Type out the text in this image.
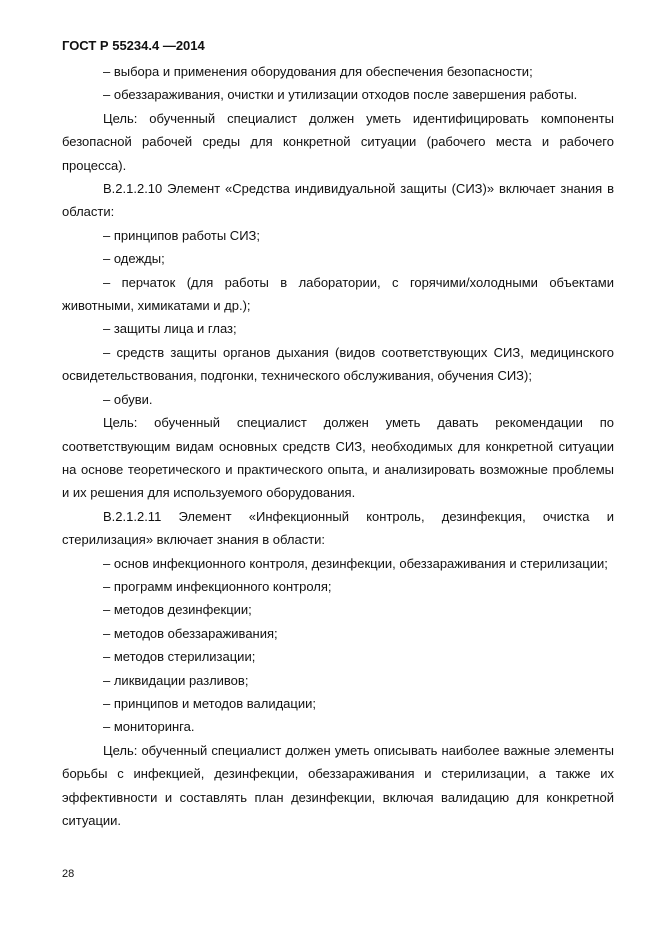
ГОСТ Р 55234.4 —2014

– выбора и применения оборудования для обеспечения безопасности;

– обеззараживания, очистки и утилизации отходов после завершения работы.

Цель: обученный специалист должен уметь идентифицировать компоненты безопасной рабочей среды для конкретной ситуации (рабочего места и рабочего процесса).

В.2.1.2.10 Элемент «Средства индивидуальной защиты (СИЗ)» включает знания в области:

– принципов работы СИЗ;

– одежды;

– перчаток (для работы в лаборатории, с горячими/холодными объектами животными, химикатами и др.);

– защиты лица и глаз;

– средств защиты органов дыхания (видов соответствующих СИЗ, медицинского освидетельствования, подгонки, технического обслуживания, обучения СИЗ);

– обуви.

Цель: обученный специалист должен уметь давать рекомендации по соответствующим видам основных средств СИЗ, необходимых для конкретной ситуации на основе теоретического и практического опыта, и анализировать возможные проблемы и их решения для используемого оборудования.

В.2.1.2.11 Элемент «Инфекционный контроль, дезинфекция, очистка и стерилизация» включает знания в области:

– основ инфекционного контроля, дезинфекции, обеззараживания и стерилизации;

– программ инфекционного контроля;

– методов дезинфекции;

– методов обеззараживания;

– методов стерилизации;

– ликвидации разливов;

– принципов и методов валидации;

– мониторинга.

Цель: обученный специалист должен уметь описывать наиболее важные элементы борьбы с инфекцией, дезинфекции, обеззараживания и стерилизации, а также их эффективности и составлять план дезинфекции, включая валидацию для конкретной ситуации.

28
